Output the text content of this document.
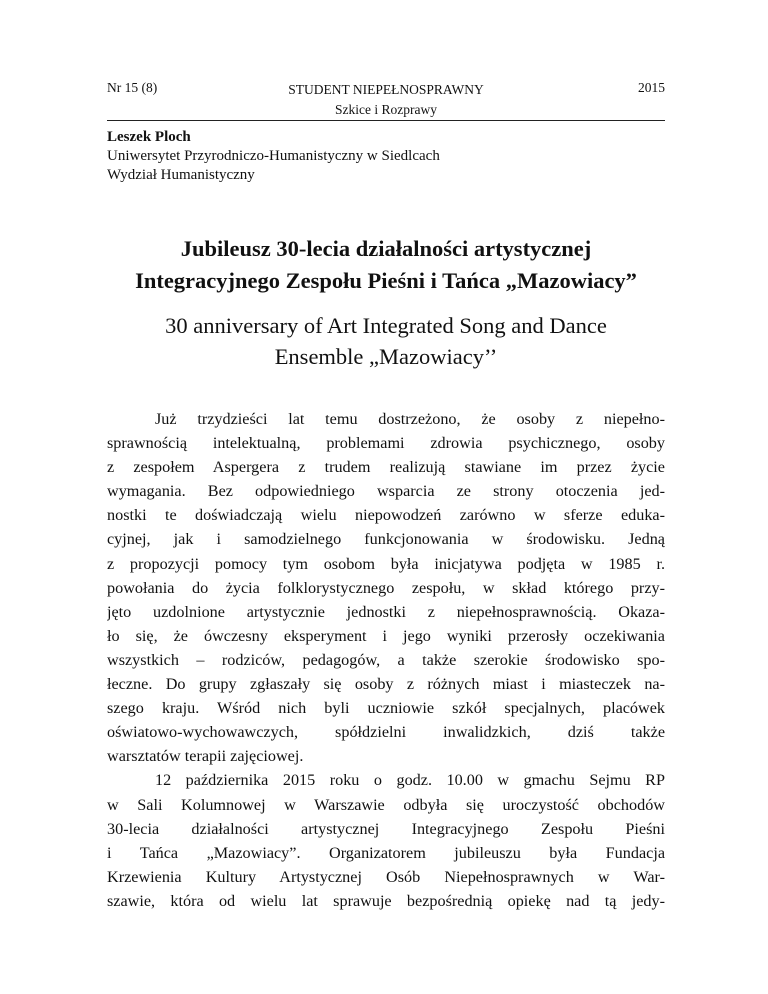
Nr 15 (8)	STUDENT NIEPEŁNOSPRAWNY
Szkice i Rozprawy
2015
Leszek Ploch
Uniwersytet Przyrodniczo-Humanistyczny w Siedlcach
Wydział Humanistyczny
Jubileusz 30-lecia działalności artystycznej
Integracyjnego Zespołu Pieśni i Tańca „Mazowiacy”
30 anniversary of Art Integrated Song and Dance
Ensemble „Mazowiacy’’
Już trzydzieści lat temu dostrzeżono, że osoby z niepełno-
sprawnością intelektualną, problemami zdrowia psychicznego, osoby
z zespołem Aspergera z trudem realizują stawiane im przez życie
wymagania. Bez odpowiedniego wsparcia ze strony otoczenia jed-
nostki te doświadczają wielu niepowodzeń zarówno w sferze eduka-
cyjnej, jak i samodzielnego funkcjonowania w środowisku. Jedną
z propozycji pomocy tym osobom była inicjatywa podjęta w 1985 r.
powołania do życia folklorystycznego zespołu, w skład którego przy-
jęto uzdolnione artystycznie jednostki z niepełnosprawnością. Okaza-
ło się, że ówczesny eksperyment i jego wyniki przerosły oczekiwania
wszystkich – rodziców, pedagogów, a także szerokie środowisko spo-
łeczne. Do grupy zgłaszały się osoby z różnych miast i miasteczek na-
szego kraju. Wśród nich byli uczniowie szkół specjalnych, placówek
oświatowo-wychowawczych, spółdzielni inwalidzkich, dziś także
warsztatów terapii zajęciowej.
12 października 2015 roku o godz. 10.00 w gmachu Sejmu RP
w Sali Kolumnowej w Warszawie odbyła się uroczystość obchodów
30-lecia działalności artystycznej Integracyjnego Zespołu Pieśni
i Tańca „Mazowiacy”. Organizatorem jubileuszu była Fundacja
Krzewienia Kultury Artystycznej Osób Niepełnosprawnych w War-
szawie, która od wielu lat sprawuje bezpośrednią opiekę nad tą jedy-
